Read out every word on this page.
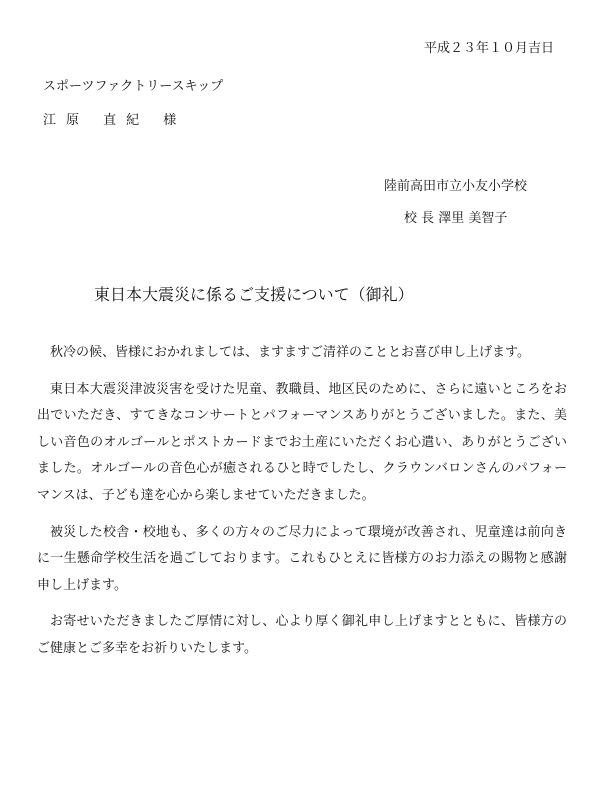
平成２３年１０月吉日
スポーツファクトリースキップ
江原 直紀 様
陸前高田市立小友小学校
校 長 澤里 美智子
東日本大震災に係るご支援について（御礼）

秋冷の候、皆様におかれましては、ますますご清祥のこととお喜び申し上げます。

東日本大震災津波災害を受けた児童、教職員、地区民のために、さらに遠いところをお出でいただき、すてきなコンサートとパフォーマンスありがとうございました。また、美しい音色のオルゴールとポストカードまでお土産にいただくお心遣い、ありがとうございました。オルゴールの音色心が癒されるひと時でしたし、クラウンバロンさんのパフォーマンスは、子ども達を心から楽しませていただきました。

被災した校舎・校地も、多くの方々のご尽力によって環境が改善され、児童達は前向きに一生懸命学校生活を過ごしております。これもひとえに皆様方のお力添えの賜物と感謝申し上げます。

お寄せいただきましたご厚情に対し、心より厚く御礼申し上げますとともに、皆様方のご健康とご多幸をお祈りいたします。
